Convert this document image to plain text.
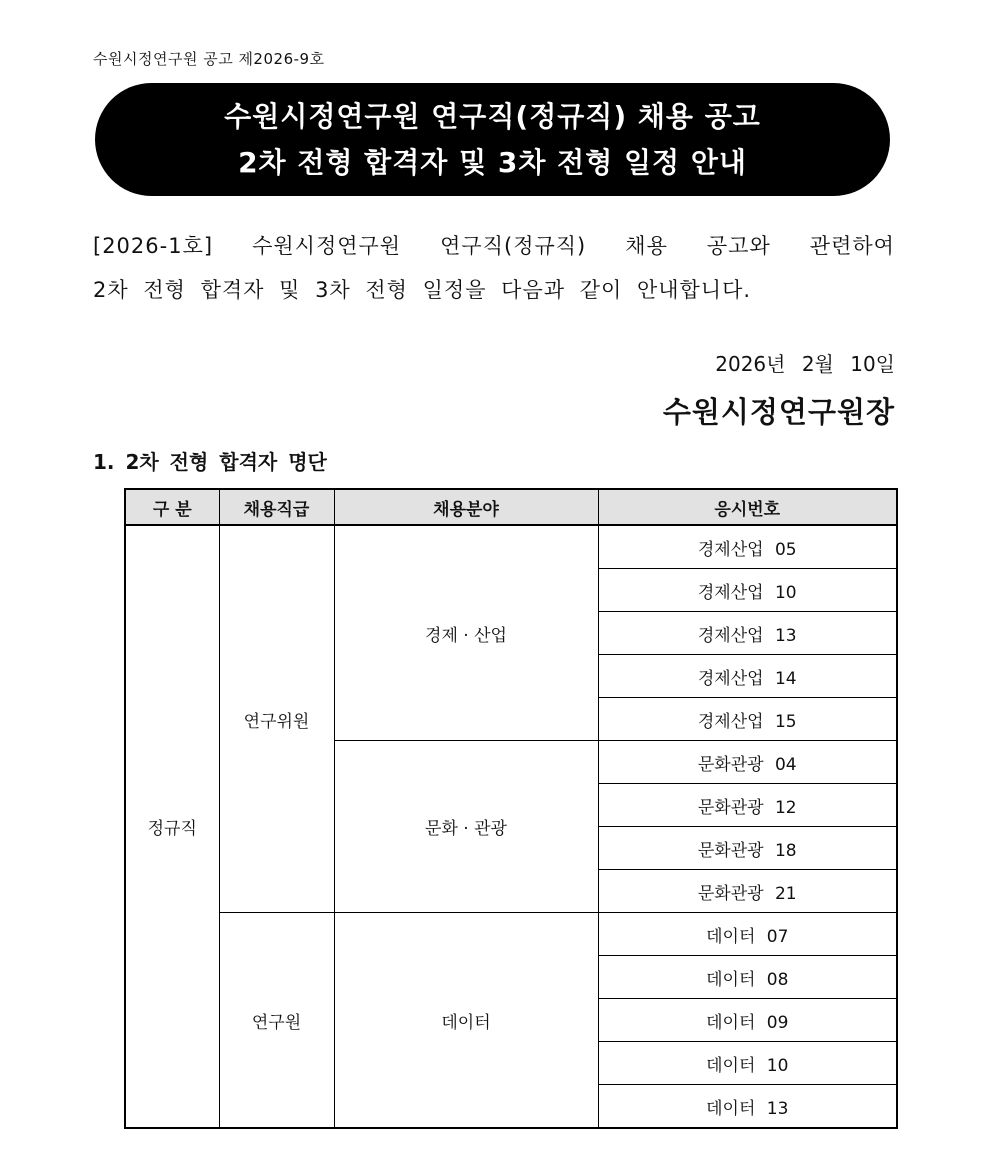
수원시정연구원 공고 제2026-9호
수원시정연구원 연구직(정규직) 채용 공고
2차 전형 합격자 및 3차 전형 일정 안내
[2026-1호] 수원시정연구원 연구직(정규직) 채용 공고와 관련하여
2차 전형 합격자 및 3차 전형 일정을 다음과 같이 안내합니다.
2026년 2월 10일
수원시정연구원장
1. 2차 전형 합격자 명단
구 분	채용직급	채용분야	응시번호
정규직	연구위원	경제 · 산업	경제산업 05
			경제산업 10
			경제산업 13
			경제산업 14
			경제산업 15
		문화 · 관광	문화관광 04
			문화관광 12
			문화관광 18
			문화관광 21
	연구원	데이터	데이터 07
			데이터 08
			데이터 09
			데이터 10
			데이터 13
